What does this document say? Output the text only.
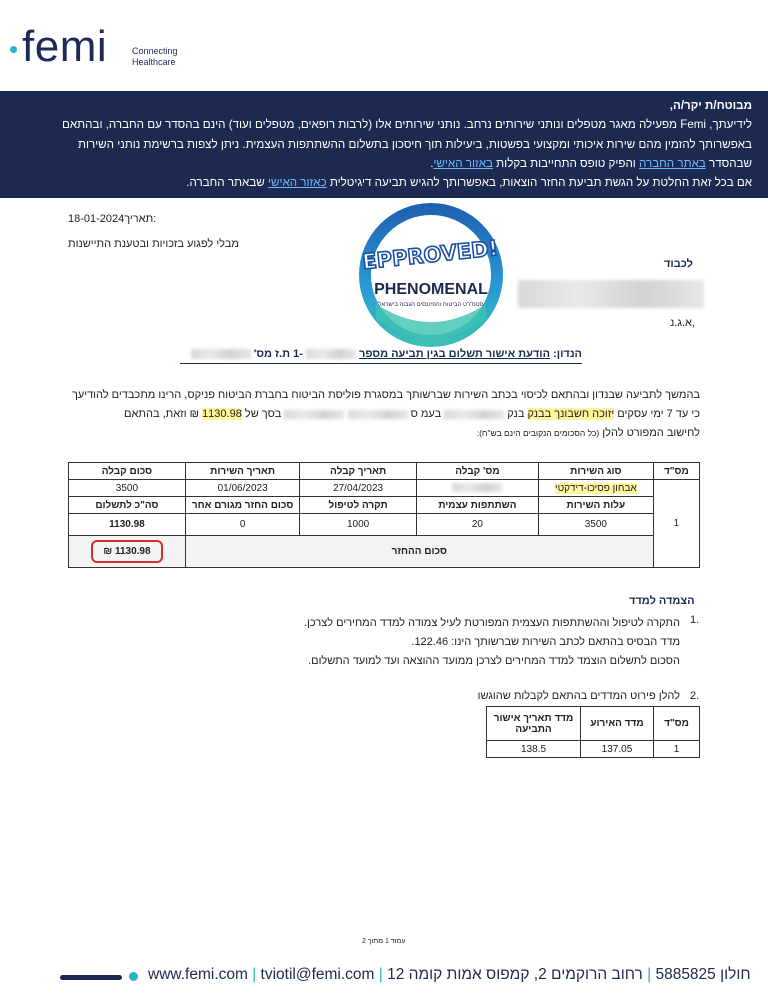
femi	Connecting
Healthcare
מבוטח/ת יקר/ה,
לידיעתך, Femi מפעילה מאגר מטפלים ונותני שירותים נרחב. נותני שירותים אלו (לרבות רופאים, מטפלים ועוד) הינם בהסדר עם החברה, ובהתאם
באפשרותך להזמין מהם שירות איכותי ומקצועי בפשטות, ביעילות תוך חיסכון בתשלום ההשתתפות העצמית. ניתן לצפות ברשימת נותני השירות
שבהסדר באתר החברה והפיק טופס התחייבות בקלות באזור האישי.
אם בכל זאת החלטת על הגשת תביעת החזר הוצאות, באפשרותך להגיש תביעה דיגיטלית כאזור האישי שבאתר החברה.
18-01-2024תאריך:
מבלי לפגוע בזכויות ובטענת התיישנות	EPPROVED!
PHENOMENAL
סטנדרט הביטוח והפיננסים הגבוה בישראל
לכבוד
א.ג.נ,
הנדון: הודעת אישור תשלום בגין תביעה מספר  -1 ת.ז מס'
בהמשך לתביעה שבנדון ובהתאם לכיסוי בכתב השירות שברשותך במסגרת פוליסת הביטוח בחברת הביטוח פניקס, הרינו מתכבדים להודיעך
כי עד 7 ימי עסקים יזוכה חשבונך בבנק בנק  בעמ ס   בסך של 1130.98 ₪ וזאת, בהתאם
לחישוב המפורט להלן (כל הסכומים הנקובים הינם בש"ח):
מס"ד	סוג השירות	מס' קבלה	תאריך קבלה	תאריך השירות	סכום קבלה
1	אבחון פסיכו-דידקטי		27/04/2023	01/06/2023	3500
	עלות השירות	השתתפות עצמית	תקרה לטיפול	סכום החזר מגורם אחר	סה"כ לתשלום
	3500	20	1000	0	1130.98
	סכום ההחזר				1130.98 ₪
הצמדה למדד
1.
התקרה לטיפול וההשתתפות העצמית המפורטת לעיל צמודה למדד המחירים לצרכן.
מדד הבסיס בהתאם לכתב השירות שברשותך הינו: 122.46.
הסכום לתשלום הוצמד למדד המחירים לצרכן ממועד ההוצאה ועד למועד התשלום.
2.
להלן פירוט המדדים בהתאם לקבלות שהוגשו
מס"ד	מדד האירוע	מדד תאריך אישור התביעה
1	137.05	138.5
עמוד 1 מתוך 2
www.femi.com | tviotil@femi.com |	חולון 5885825 | רחוב הרוקמים 2, קמפוס אמות קומה 12
